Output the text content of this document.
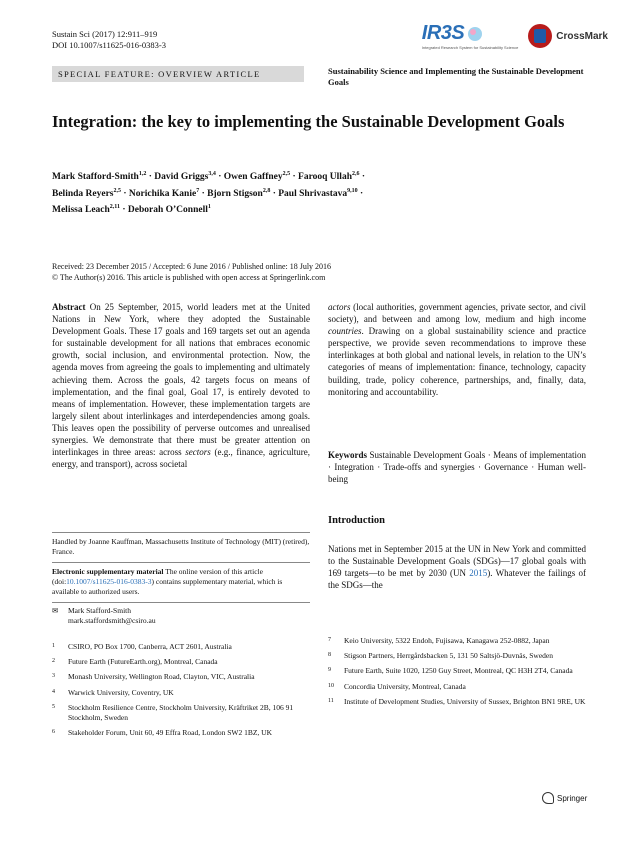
Sustain Sci (2017) 12:911–919
DOI 10.1007/s11625-016-0383-3
IR3S
Integrated Research System for Sustainability Science
CrossMark
SPECIAL FEATURE: OVERVIEW ARTICLE	Sustainability Science and Implementing the Sustainable Development Goals
Integration: the key to implementing the Sustainable Development Goals
Mark Stafford-Smith$^{1,2}$ · David Griggs$^{3,4}$ · Owen Gaffney$^{2,5}$ · Farooq Ullah$^{2,6}$ ·
Belinda Reyers$^{2,5}$ · Norichika Kanie$^7$ · Bjorn Stigson$^{2,8}$ · Paul Shrivastava$^{9,10}$ ·
Melissa Leach$^{2,11}$ · Deborah O’Connell$^1$
Received: 23 December 2015 / Accepted: 6 June 2016 / Published online: 18 July 2016
© The Author(s) 2016. This article is published with open access at Springerlink.com
Abstract On 25 September, 2015, world leaders met at the United Nations in New York, where they adopted the Sustainable Development Goals. These 17 goals and 169 targets set out an agenda for sustainable development for all nations that embraces economic growth, social inclusion, and environmental protection. Now, the agenda moves from agreeing the goals to implementing and ultimately achieving them. Across the goals, 42 targets focus on means of implementation, and the final goal, Goal 17, is entirely devoted to means of implementation. However, these implementation targets are largely silent about interlinkages and interdependencies among goals. This leaves open the possibility of perverse outcomes and unrealised synergies. We demonstrate that there must be greater attention on interlinkages in three areas: across sectors (e.g., finance, agriculture, energy, and transport), across societal
actors (local authorities, government agencies, private sector, and civil society), and between and among low, medium and high income countries. Drawing on a global sustainability science and practice perspective, we provide seven recommendations to improve these interlinkages at both global and national levels, in relation to the UN’s categories of means of implementation: finance, technology, capacity building, trade, policy coherence, partnerships, and, finally, data, monitoring and accountability.
Keywords Sustainable Development Goals · Means of implementation · Integration · Trade-offs and synergies · Governance · Human well-being
Introduction
Nations met in September 2015 at the UN in New York and committed to the Sustainable Development Goals (SDGs)—17 global goals with 169 targets—to be met by 2030 (UN 2015). Whatever the failings of the SDGs—the
Handled by Joanne Kauffman, Massachusetts Institute of Technology (MIT) (retired), France.
Electronic supplementary material The online version of this article (doi:10.1007/s11625-016-0383-3) contains supplementary material, which is available to authorized users.
✉	Mark Stafford-Smith
mark.staffordsmith@csiro.au
1	CSIRO, PO Box 1700, Canberra, ACT 2601, Australia
2	Future Earth (FutureEarth.org), Montreal, Canada
3	Monash University, Wellington Road, Clayton, VIC, Australia
4	Warwick University, Coventry, UK
5	Stockholm Resilience Centre, Stockholm University, Kräftriket 2B, 106 91 Stockholm, Sweden
6	Stakeholder Forum, Unit 60, 49 Effra Road, London SW2 1BZ, UK
7	Keio University, 5322 Endoh, Fujisawa, Kanagawa 252-0882, Japan
8	Stigson Partners, Herrgårdsbacken 5, 131 50 Saltsjö-Duvnäs, Sweden
9	Future Earth, Suite 1020, 1250 Guy Street, Montreal, QC H3H 2T4, Canada
10	Concordia University, Montreal, Canada
11	Institute of Development Studies, University of Sussex, Brighton BN1 9RE, UK
Springer
